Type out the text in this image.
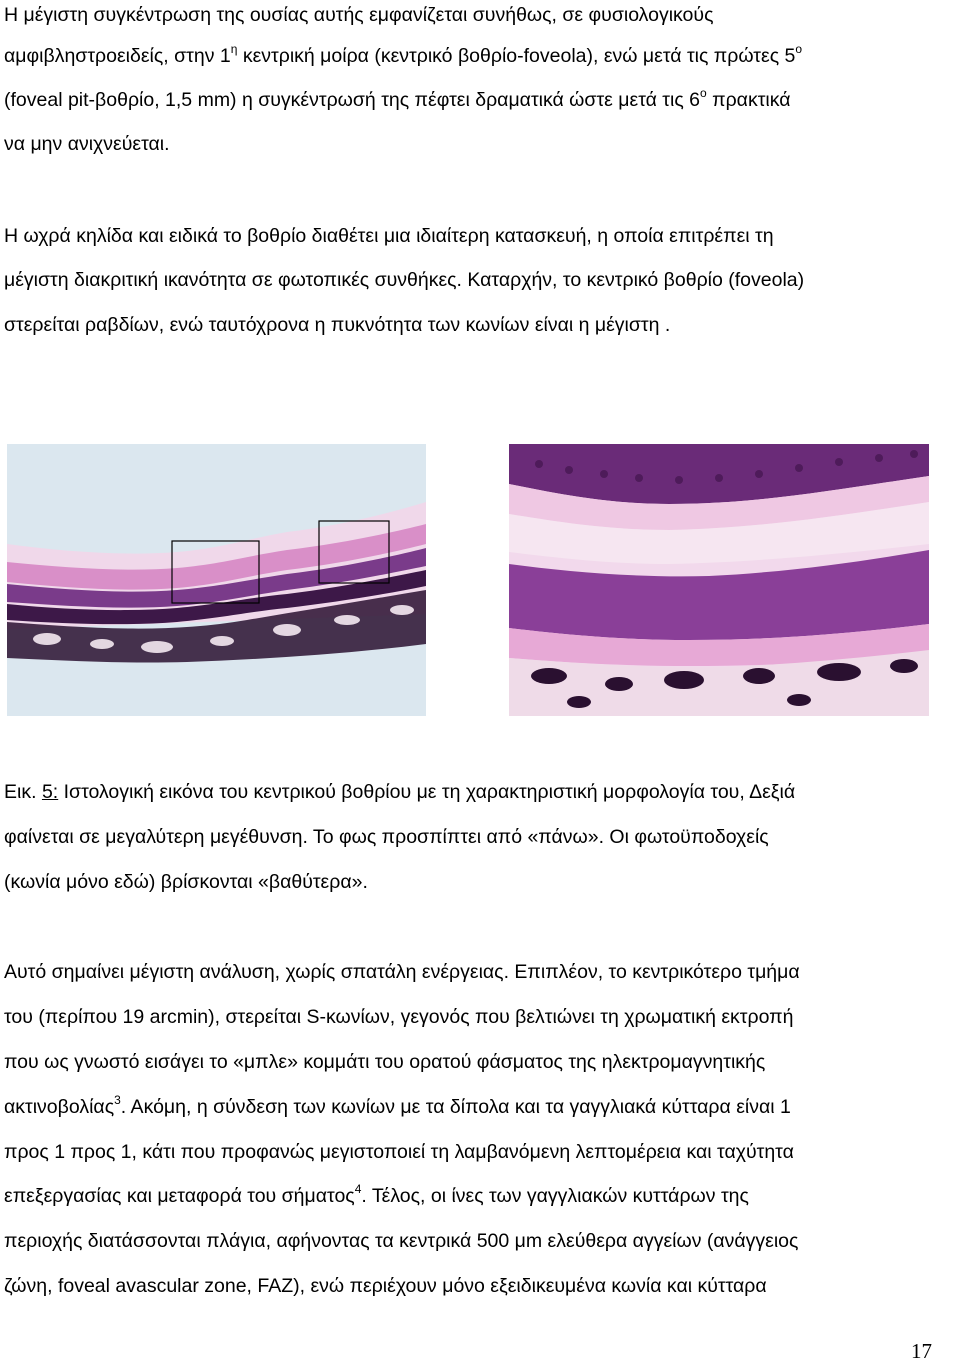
Η μέγιστη συγκέντρωση της ουσίας αυτής εμφανίζεται συνήθως, σε φυσιολογικούς
αμφιβληστροειδείς, στην $1^\eta$ κεντρική μοίρα (κεντρικό βοθρίο-foveola), ενώ μετά τις πρώτες $5^o$
(foveal pit-βοθρίο, 1,5 mm) η συγκέντρωσή της πέφτει δραματικά ώστε μετά τις $6^o$ πρακτικά
να μην ανιχνεύεται.
Η ωχρά κηλίδα και ειδικά το βοθρίο διαθέτει μια ιδιαίτερη κατασκευή, η οποία επιτρέπει τη
μέγιστη διακριτική ικανότητα σε φωτοπικές συνθήκες. Καταρχήν, το κεντρικό βοθρίο (foveola)
στερείται ραβδίων, ενώ ταυτόχρονα η πυκνότητα των κωνίων είναι η μέγιστη .
Εικ. 5: Ιστολογική εικόνα του κεντρικού βοθρίου με τη χαρακτηριστική μορφολογία του, Δεξιά
φαίνεται σε μεγαλύτερη μεγέθυνση. Το φως προσπίπτει από «πάνω». Οι φωτοϋποδοχείς
(κωνία μόνο εδώ) βρίσκονται «βαθύτερα».
Αυτό σημαίνει μέγιστη ανάλυση, χωρίς σπατάλη ενέργειας. Επιπλέον, το κεντρικότερο τμήμα
του (περίπου 19 arcmin), στερείται S-κωνίων, γεγονός που βελτιώνει τη χρωματική εκτροπή
που ως γνωστό εισάγει το «μπλε» κομμάτι του ορατού φάσματος της ηλεκτρομαγνητικής
ακτινοβολίας$^3$. Ακόμη, η σύνδεση των κωνίων με τα δίπολα και τα γαγγλιακά κύτταρα είναι 1
προς 1 προς 1, κάτι που προφανώς μεγιστοποιεί τη λαμβανόμενη λεπτομέρεια και ταχύτητα
επεξεργασίας και μεταφορά του σήματος$^4$. Τέλος, οι ίνες των γαγγλιακών κυττάρων της
περιοχής διατάσσονται πλάγια, αφήνοντας τα κεντρικά 500 μm ελεύθερα αγγείων (ανάγγειος
ζώνη, foveal avascular zone, FAZ), ενώ περιέχουν μόνο εξειδικευμένα κωνία και κύτταρα
17
